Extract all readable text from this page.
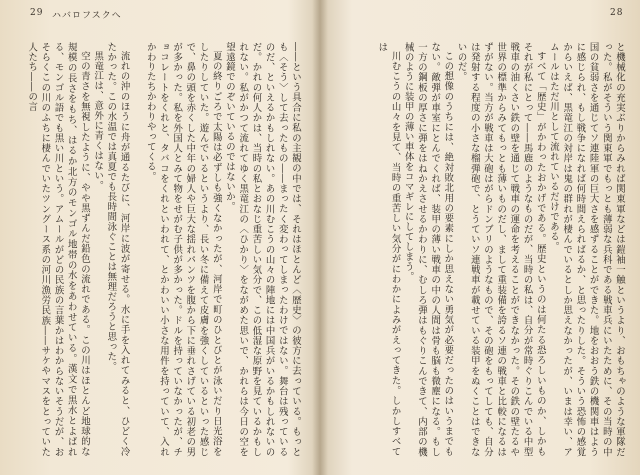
29 ハバロフスクへ

――という具合に私の主観の中では、それはほとんど〈歴史〉の彼方に去っている。もっとも〈そう〉して去ったもの――まったく変わってしまったわけではない。舞台は残っているのだ、といえるかもしれない。あの川むこうの山々の陣地には中国兵がいるかもしれないのだ。かれの何人かは、当時の私とおなじ重苦しい気分で、この低湿な原野を見ているかもしれない。私がかつて流れてゆく黒竜江の〈ひかり〉をながめた思いで、かれらは今日の空を望遠鏡でのぞいているのではないか。

夏の終りごろで太陽は必ずしも強くなかったが、河岸で町のひとびとが泳いだり日光浴をしたりしていた。遊んでいるというより、長い冬に備えて皮膚を強くしているといった感じで、鼻の頭を赤くした中年の婦人や巨大な揺れパンツを腹から下に垂れさげている初老の男が多かった。私を外国人とみて物をせがむ子供が多かった。ドルを持っていなかったが、チョコレートをくれと、タバコをくれといわれて、とかわいい小さな用件を持っていて、入れかわりたちかわりやってくる。

流れの沖のほうに舟が通るたびに、河岸に波が寄せる。水に手を入れてみると、ひどく冷たかった。この水温では真夏でも長時間泳ぐことは無理だろうと思った。

黒竜江は、意外に青くはない。

空の青さを無視したように、やや黒ずんだ鉛色の流れである。この川はほとんど地球的な規模の長さをもち、はるか北方のモンゴル地帯の水をあわせている。漢文で黒水とよばれる、モンゴル語でも黒い川という。アムールがどの民族の言葉かはわからないそうだが、おそらくこの川のふちに棲んでいたツングース系の河川漁労民族――サケやマスをとっていた人たち――の言

28

と機械化の充実ぶりからみれば関東軍などは鎧袖一触というより、おもちゃのような軍隊だった。私がそういう関東軍でもっとも薄弱な兵科である戦車兵にいたために、その当時の中国の貧弱さを通じてソ連陸軍の巨大さを感ずることができた。地をおおう鉄の機関車はように感じられ、もし戦争になれば何時間えらればるか、と思ったりした。そういう恐怖の感覚からいえば、黒竜江の対岸は鬼の群れが棲んでいるとしか思えなかったが、いまは幸い、アムールはただ川として流れているだけである。

すべて「歴史」がかわったおかげである。歴史というのは何たる恐ろしいものか、しかもそれが私にとって――馬鹿のようなものだが、当時の私は、自分が常時ぐりこんでいる中型戦車の油くさい鉄の壁を通じて戦車の運命を考えることができなかった。その鉄の壁たるや世界の標準からみてもっとも薄いものだし、まして重装備を誇るソ連の戦車と比較になるはずがない。当方が戦車は大砲はがらドンブリのようなもので、その砲をもってしても、自分は発射する程度の小さな榴弾砲で、とうていソ連戦車が載せている装甲をぬくことはできないのだ。

この想像のうちには、絶対敗北用の要素にしか思えない勇気が必要だったのはいうまでもない。敵弾が車室にとんでくれば、装甲の薄い戦車の中の人間は骨も脳も微塵になる。もし一方の鋼板の厚さに弾をはねかえさせるかわりに、むしろ弾はもぐりこんできて、内部の機械のように装甲の薄い車体をコマギレにしてしまう。

川むこうの山々を見て、当時の重苦しい気分がにわかによみがえってきた。しかしすべては
